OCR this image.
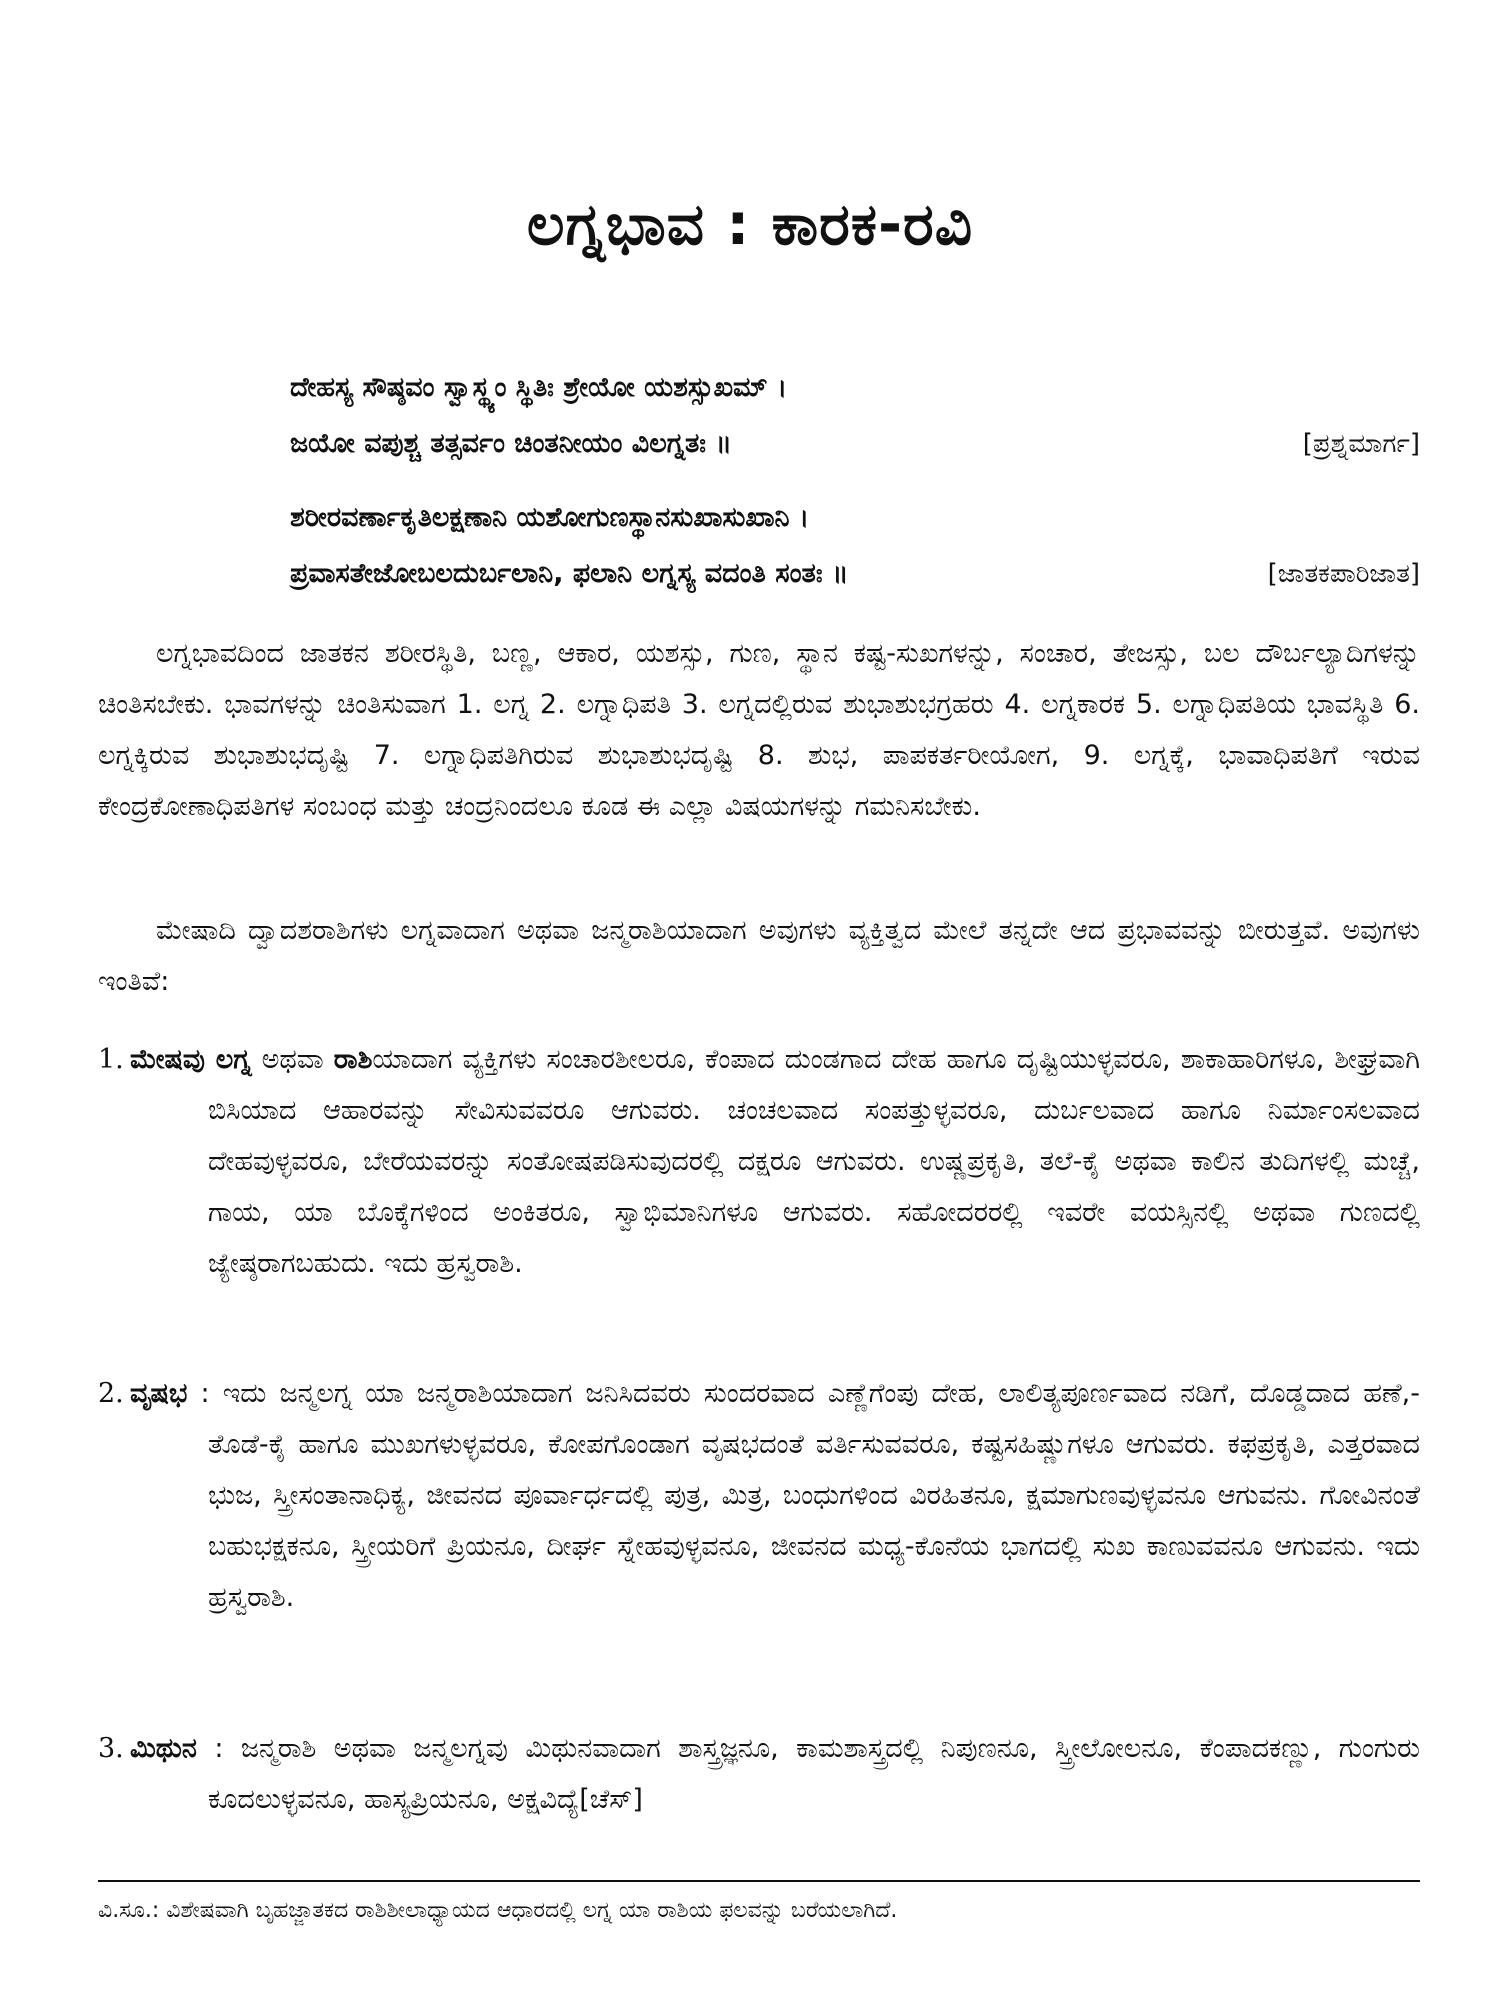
ಲಗ್ನಭಾವ : ಕಾರಕ-ರವಿ
ದೇಹಸ್ಯ ಸೌಷ್ಠವಂ ಸ್ವಾಸ್ಥ್ಯಂ ಸ್ಥಿತಿಃ ಶ್ರೇಯೋ ಯಶಸ್ಸುಖಮ್ ।
ಜಯೋ ವಪುಶ್ಚ ತತ್ಸರ್ವಂ ಚಿಂತನೀಯಂ ವಿಲಗ್ನತಃ ॥	[ಪ್ರಶ್ನಮಾರ್ಗ]
ಶರೀರವರ್ಣಾಕೃತಿಲಕ್ಷಣಾನಿ ಯಶೋಗುಣಸ್ಥಾನಸುಖಾಸುಖಾನಿ ।
ಪ್ರವಾಸತೇಜೋಬಲದುರ್ಬಲಾನಿ, ಫಲಾನಿ ಲಗ್ನಸ್ಯ ವದಂತಿ ಸಂತಃ ॥	[ಜಾತಕಪಾರಿಜಾತ]

ಲಗ್ನಭಾವದಿಂದ ಜಾತಕನ ಶರೀರಸ್ಥಿತಿ, ಬಣ್ಣ, ಆಕಾರ, ಯಶಸ್ಸು, ಗುಣ, ಸ್ಥಾನ ಕಷ್ಟ-ಸುಖಗಳನ್ನು, ಸಂಚಾರ, ತೇಜಸ್ಸು, ಬಲ ದೌರ್ಬಲ್ಯಾದಿಗಳನ್ನು ಚಿಂತಿಸಬೇಕು. ಭಾವಗಳನ್ನು ಚಿಂತಿಸುವಾಗ 1. ಲಗ್ನ 2. ಲಗ್ನಾಧಿಪತಿ 3. ಲಗ್ನದಲ್ಲಿರುವ ಶುಭಾಶುಭಗ್ರಹರು 4. ಲಗ್ನಕಾರಕ 5. ಲಗ್ನಾಧಿಪತಿಯ ಭಾವಸ್ಥಿತಿ 6. ಲಗ್ನಕ್ಕಿರುವ ಶುಭಾಶುಭದೃಷ್ಟಿ 7. ಲಗ್ನಾಧಿಪತಿಗಿರುವ ಶುಭಾಶುಭದೃಷ್ಟಿ 8. ಶುಭ, ಪಾಪಕರ್ತರೀಯೋಗ, 9. ಲಗ್ನಕ್ಕೆ, ಭಾವಾಧಿಪತಿಗೆ ಇರುವ ಕೇಂದ್ರಕೋಣಾಧಿಪತಿಗಳ ಸಂಬಂಧ ಮತ್ತು ಚಂದ್ರನಿಂದಲೂ ಕೂಡ ಈ ಎಲ್ಲಾ ವಿಷಯಗಳನ್ನು ಗಮನಿಸಬೇಕು.

ಮೇಷಾದಿ ದ್ವಾದಶರಾಶಿಗಳು ಲಗ್ನವಾದಾಗ ಅಥವಾ ಜನ್ಮರಾಶಿಯಾದಾಗ ಅವುಗಳು ವ್ಯಕ್ತಿತ್ವದ ಮೇಲೆ ತನ್ನದೇ ಆದ ಪ್ರಭಾವವನ್ನು ಬೀರುತ್ತವೆ. ಅವುಗಳು ಇಂತಿವೆ:

1. ಮೇಷವು ಲಗ್ನ ಅಥವಾ ರಾಶಿಯಾದಾಗ ವ್ಯಕ್ತಿಗಳು ಸಂಚಾರಶೀಲರೂ, ಕೆಂಪಾದ ದುಂಡಗಾದ ದೇಹ ಹಾಗೂ ದೃಷ್ಟಿಯುಳ್ಳವರೂ, ಶಾಕಾಹಾರಿಗಳೂ, ಶೀಘ್ರವಾಗಿ ಬಿಸಿಯಾದ ಆಹಾರವನ್ನು ಸೇವಿಸುವವರೂ ಆಗುವರು. ಚಂಚಲವಾದ ಸಂಪತ್ತುಳ್ಳವರೂ, ದುರ್ಬಲವಾದ ಹಾಗೂ ನಿರ್ಮಾಂಸಲವಾದ ದೇಹವುಳ್ಳವರೂ, ಬೇರೆಯವರನ್ನು ಸಂತೋಷಪಡಿಸುವುದರಲ್ಲಿ ದಕ್ಷರೂ ಆಗುವರು. ಉಷ್ಣಪ್ರಕೃತಿ, ತಲೆ-ಕೈ ಅಥವಾ ಕಾಲಿನ ತುದಿಗಳಲ್ಲಿ ಮಚ್ಚೆ, ಗಾಯ, ಯಾ ಬೊಕ್ಕೆಗಳಿಂದ ಅಂಕಿತರೂ, ಸ್ವಾಭಿಮಾನಿಗಳೂ ಆಗುವರು. ಸಹೋದರರಲ್ಲಿ ಇವರೇ ವಯಸ್ಸಿನಲ್ಲಿ ಅಥವಾ ಗುಣದಲ್ಲಿ ಜ್ಯೇಷ್ಠರಾಗಬಹುದು. ಇದು ಹ್ರಸ್ವರಾಶಿ.

2. ವೃಷಭ : ಇದು ಜನ್ಮಲಗ್ನ ಯಾ ಜನ್ಮರಾಶಿಯಾದಾಗ ಜನಿಸಿದವರು ಸುಂದರವಾದ ಎಣ್ಣೆಗೆಂಪು ದೇಹ, ಲಾಲಿತ್ಯಪೂರ್ಣವಾದ ನಡಿಗೆ, ದೊಡ್ಡದಾದ ಹಣೆ,-ತೊಡೆ-ಕೈ ಹಾಗೂ ಮುಖಗಳುಳ್ಳವರೂ, ಕೋಪಗೊಂಡಾಗ ವೃಷಭದಂತೆ ವರ್ತಿಸುವವರೂ, ಕಷ್ಟಸಹಿಷ್ಣುಗಳೂ ಆಗುವರು. ಕಫಪ್ರಕೃತಿ, ಎತ್ತರವಾದ ಭುಜ, ಸ್ತ್ರೀಸಂತಾನಾಧಿಕ್ಯ, ಜೀವನದ ಪೂರ್ವಾರ್ಧದಲ್ಲಿ ಪುತ್ರ, ಮಿತ್ರ, ಬಂಧುಗಳಿಂದ ವಿರಹಿತನೂ, ಕ್ಷಮಾಗುಣವುಳ್ಳವನೂ ಆಗುವನು. ಗೋವಿನಂತೆ ಬಹುಭಕ್ಷಕನೂ, ಸ್ತ್ರೀಯರಿಗೆ ಪ್ರಿಯನೂ, ದೀರ್ಘ ಸ್ನೇಹವುಳ್ಳವನೂ, ಜೀವನದ ಮಧ್ಯ-ಕೊನೆಯ ಭಾಗದಲ್ಲಿ ಸುಖ ಕಾಣುವವನೂ ಆಗುವನು. ಇದು ಹ್ರಸ್ವರಾಶಿ.

3. ಮಿಥುನ : ಜನ್ಮರಾಶಿ ಅಥವಾ ಜನ್ಮಲಗ್ನವು ಮಿಥುನವಾದಾಗ ಶಾಸ್ತ್ರಜ್ಞನೂ, ಕಾಮಶಾಸ್ತ್ರದಲ್ಲಿ ನಿಪುಣನೂ, ಸ್ತ್ರೀಲೋಲನೂ, ಕೆಂಪಾದಕಣ್ಣು, ಗುಂಗುರು ಕೂದಲುಳ್ಳವನೂ, ಹಾಸ್ಯಪ್ರಿಯನೂ, ಅಕ್ಷವಿದ್ಯೆ[ಚೆಸ್]

ವಿ.ಸೂ.: ವಿಶೇಷವಾಗಿ ಬೃಹಜ್ಜಾತಕದ ರಾಶಿಶೀಲಾಧ್ಯಾಯದ ಆಧಾರದಲ್ಲಿ ಲಗ್ನ ಯಾ ರಾಶಿಯ ಫಲವನ್ನು ಬರೆಯಲಾಗಿದೆ.
